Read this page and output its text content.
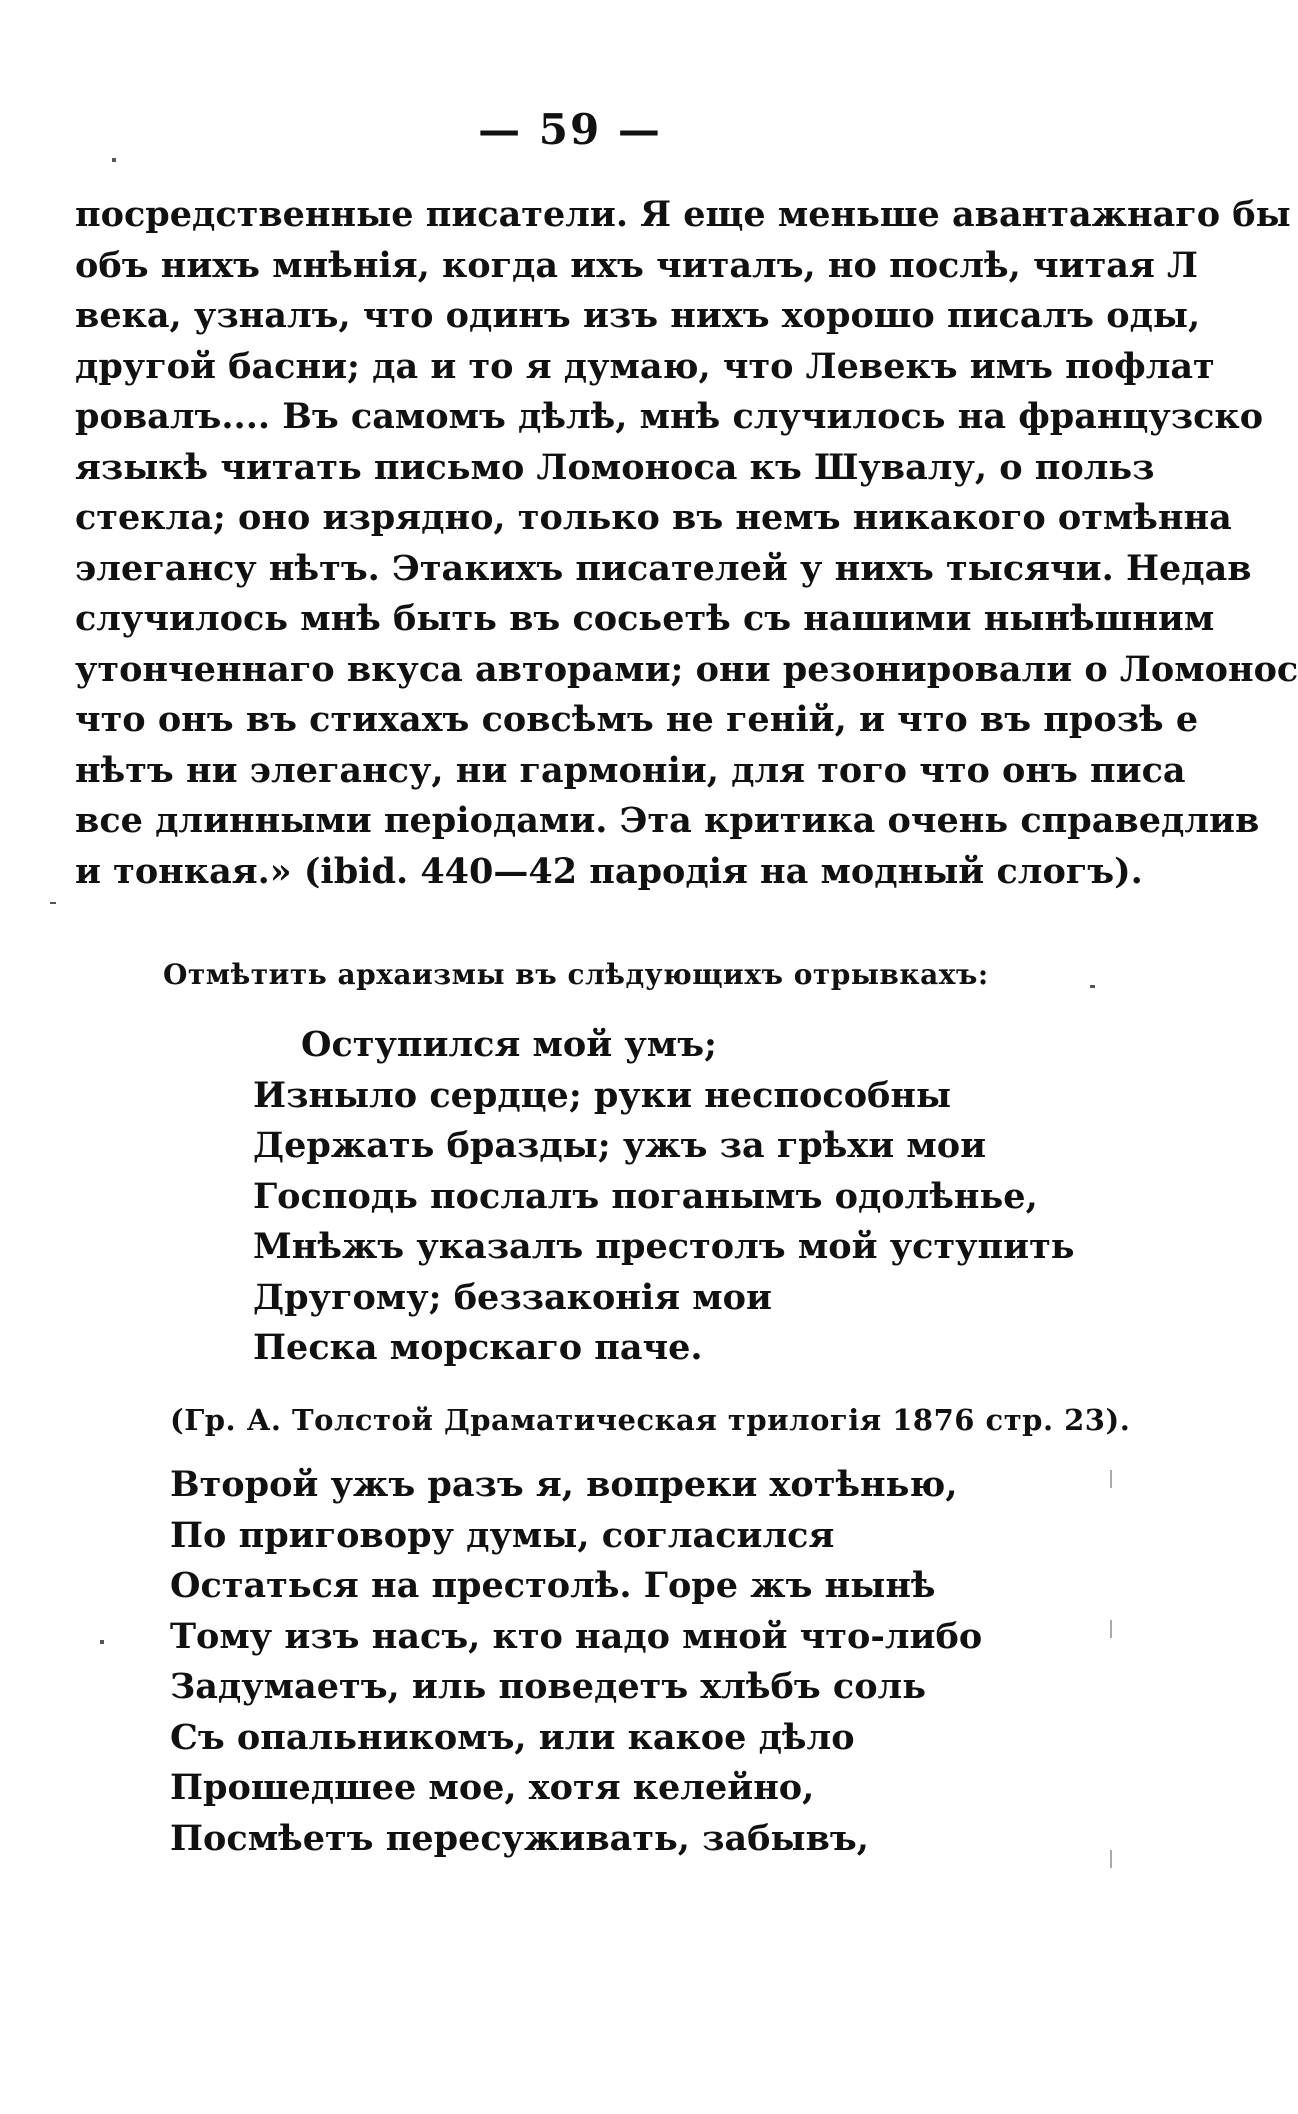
— 59 —
посредственные писатели. Я еще меньше авантажнаго бы
объ нихъ мнѣнія, когда ихъ читалъ, но послѣ, читая Л
века, узналъ, что одинъ изъ нихъ хорошо писалъ оды,
другой басни; да и то я думаю, что Левекъ имъ пофлат
ровалъ.... Въ самомъ дѣлѣ, мнѣ случилось на французско
языкѣ читать письмо Ломоноса къ Шувалу, о польз
стекла; оно изрядно, только въ немъ никакого отмѣнна
элегансу нѣтъ. Этакихъ писателей у нихъ тысячи. Недав
случилось мнѣ быть въ сосьетѣ съ нашими нынѣшним
утонченнаго вкуса авторами; они резонировали о Ломонос
что онъ въ стихахъ совсѣмъ не геній, и что въ прозѣ е
нѣтъ ни элегансу, ни гармоніи, для того что онъ писа
все длинными періодами. Эта критика очень справедлив
и тонкая.» (ibid. 440—42 пародія на модный слогъ).
Отмѣтить архаизмы въ слѣдующихъ отрывкахъ:
Оступился мой умъ;
Изныло сердце; руки неспособны
Держать бразды; ужъ за грѣхи мои
Господь послалъ поганымъ одолѣнье,
Мнѣжъ указалъ престолъ мой уступить
Другому; беззаконія мои
Песка морскаго паче.
(Гр. А. Толстой Драматическая трилогія 1876 стр. 23).
Второй ужъ разъ я, вопреки хотѣнью,
По приговору думы, согласился
Остаться на престолѣ. Горе жъ нынѣ
Тому изъ насъ, кто надо мной что-либо
Задумаетъ, иль поведетъ хлѣбъ соль
Съ опальникомъ, или какое дѣло
Прошедшее мое, хотя келейно,
Посмѣетъ пересуживать, забывъ,
